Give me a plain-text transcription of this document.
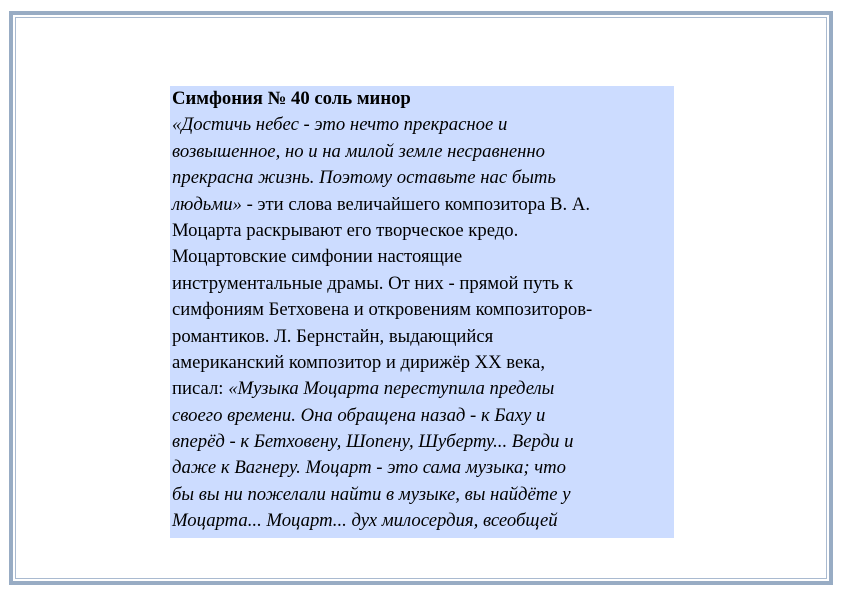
Симфония № 40 соль минор
«Достичь небес - это нечто прекрасное и
возвышенное, но и на милой земле несравненно
прекрасна жизнь. Поэтому оставьте нас быть
людьми» - эти слова величайшего композитора В. А.
Моцарта раскрывают его творческое кредо.
Моцартовские симфонии настоящие
инструментальные драмы. От них - прямой путь к
симфониям Бетховена и откровениям композиторов-
романтиков. Л. Бернстайн, выдающийся
американский композитор и дирижёр XX века,
писал: «Музыка Моцарта переступила пределы
своего времени. Она обращена назад - к Баху и
вперёд - к Бетховену, Шопену, Шуберту... Верди и
даже к Вагнеру. Моцарт - это сама музыка; что
бы вы ни пожелали найти в музыке, вы найдёте у
Моцарта... Моцарт... дух милосердия, всеобщей
